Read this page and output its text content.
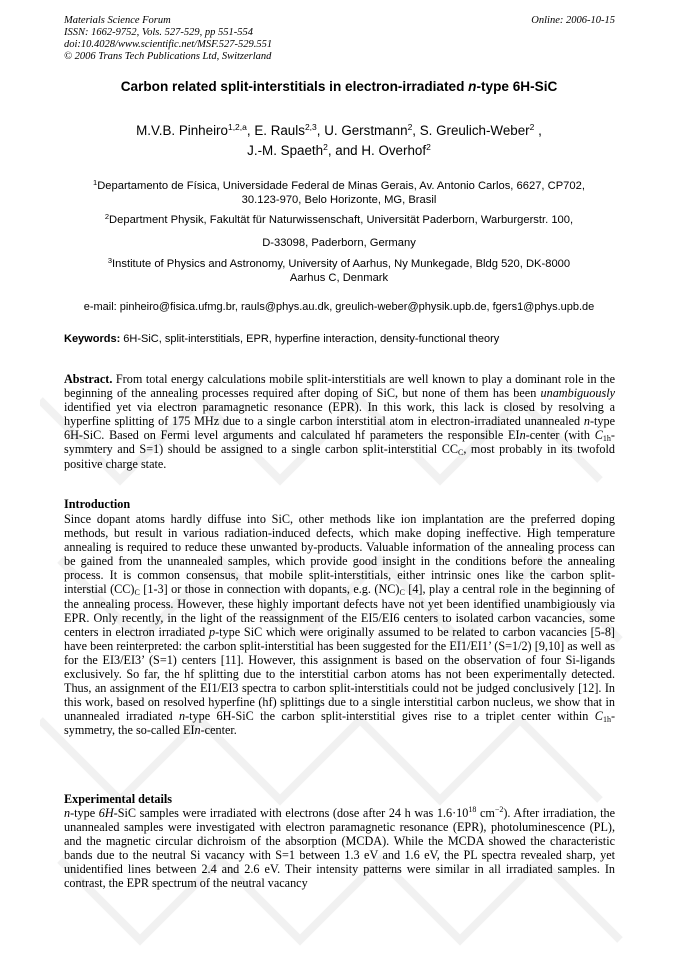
Materials Science Forum
ISSN: 1662-9752, Vols. 527-529, pp 551-554
doi:10.4028/www.scientific.net/MSF.527-529.551
© 2006 Trans Tech Publications Ltd, Switzerland
Online: 2006-10-15
Carbon related split-interstitials in electron-irradiated n-type 6H-SiC
M.V.B. Pinheiro$^{1,2,a}$, E. Rauls$^{2,3}$, U. Gerstmann$^2$, S. Greulich-Weber$^2$ ,
J.-M. Spaeth$^2$, and H. Overhof$^2$
$^1$Departamento de Física, Universidade Federal de Minas Gerais, Av. Antonio Carlos, 6627, CP702,
30.123-970, Belo Horizonte, MG, Brasil
$^2$Department Physik, Fakultät für Naturwissenschaft, Universität Paderborn, Warburgerstr. 100,
D-33098, Paderborn, Germany
$^3$Institute of Physics and Astronomy, University of Aarhus, Ny Munkegade, Bldg 520, DK-8000
Aarhus C, Denmark
e-mail: pinheiro@fisica.ufmg.br, rauls@phys.au.dk, greulich-weber@physik.upb.de, fgers1@phys.upb.de
Keywords: 6H-SiC, split-interstitials, EPR, hyperfine interaction, density-functional theory
Abstract. From total energy calculations mobile split-interstitials are well known to play a dominant role in the beginning of the annealing processes required after doping of SiC, but none of them has been unambiguously identified yet via electron paramagnetic resonance (EPR). In this work, this lack is closed by resolving a hyperfine splitting of 175 MHz due to a single carbon interstitial atom in electron-irradiated unannealed n-type 6H-SiC. Based on Fermi level arguments and calculated hf parameters the responsible EIn-center (with $C_{1h}$-symmtery and S=1) should be assigned to a single carbon split-interstitial $CC_C$, most probably in its twofold positive charge state.
Introduction
Since dopant atoms hardly diffuse into SiC, other methods like ion implantation are the preferred doping methods, but result in various radiation-induced defects, which make doping ineffective. High temperature annealing is required to reduce these unwanted by-products. Valuable information of the annealing process can be gained from the unannealed samples, which provide good insight in the conditions before the annealing process. It is common consensus, that mobile split-interstitials, either intrinsic ones like the carbon split-interstial $(CC)_C$ [1-3] or those in connection with dopants, e.g. $(NC)_C$ [4], play a central role in the beginning of the annealing process. However, these highly important defects have not yet been identified unambigiously via EPR. Only recently, in the light of the reassignment of the EI5/EI6 centers to isolated carbon vacancies, some centers in electron irradiated p-type SiC which were originally assumed to be related to carbon vacancies [5-8] have been reinterpreted: the carbon split-interstitial has been suggested for the EI1/EI1’ (S=1/2) [9,10] as well as for the EI3/EI3’ (S=1) centers [11]. However, this assignment is based on the observation of four Si-ligands exclusively. So far, the hf splitting due to the interstitial carbon atoms has not been experimentally detected. Thus, an assignment of the EI1/EI3 spectra to carbon split-interstitials could not be judged conclusively [12]. In this work, based on resolved hyperfine (hf) splittings due to a single interstitial carbon nucleus, we show that in unannealed irradiated n-type 6H-SiC the carbon split-interstitial gives rise to a triplet center within $C_{1h}$-symmetry, the so-called EIn-center.
Experimental details
n-type 6H-SiC samples were irradiated with electrons (dose after 24 h was $1.6\cdot 10^{18}$ $cm^{-2}$). After irradiation, the unannealed samples were investigated with electron paramagnetic resonance (EPR), photoluminescence (PL), and the magnetic circular dichroism of the absorption (MCDA). While the MCDA showed the characteristic bands due to the neutral Si vacancy with S=1 between 1.3 eV and 1.6 eV, the PL spectra revealed sharp, yet unidentified lines between 2.4 and 2.6 eV. Their intensity patterns were similar in all irradiated samples. In contrast, the EPR spectrum of the neutral vacancy
